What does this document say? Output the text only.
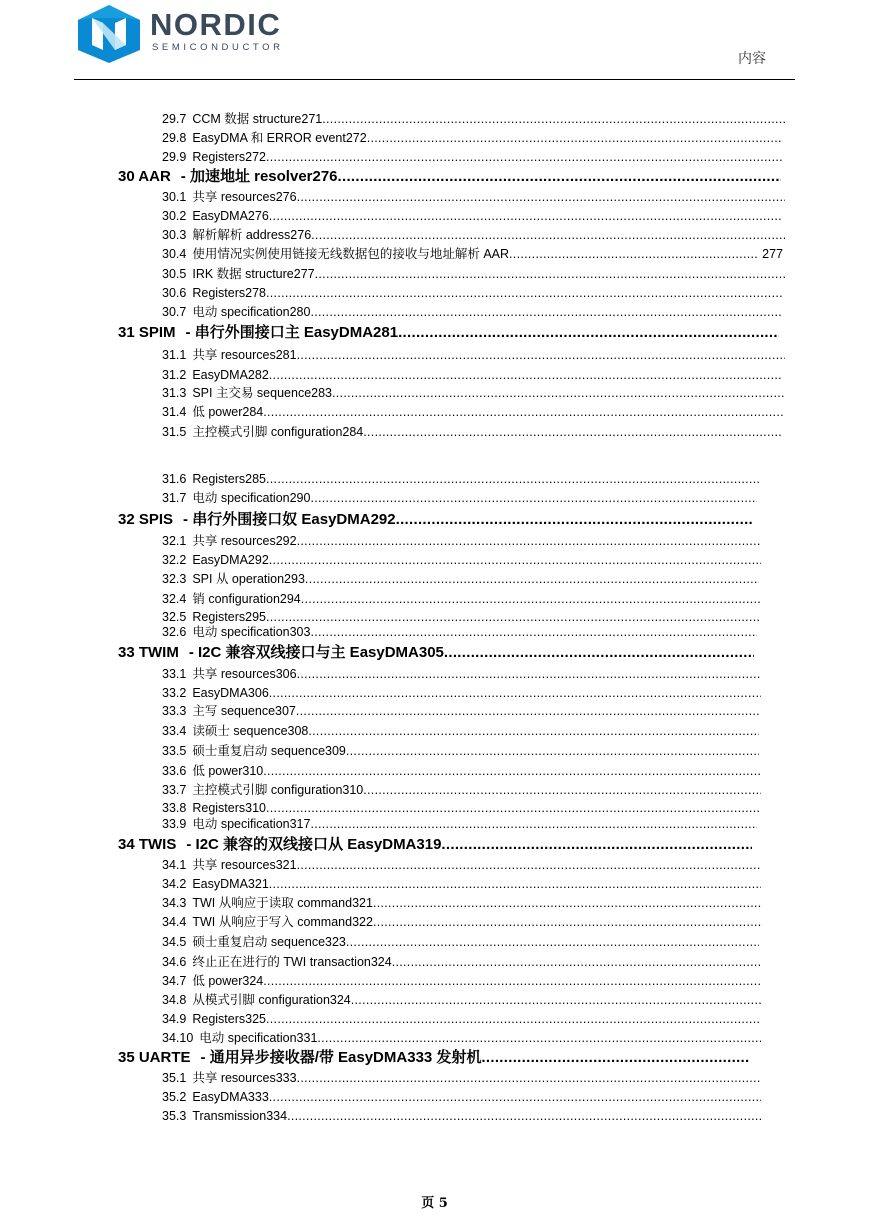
NORDIC
SEMICONDUCTOR
内容
29.7 CCM 数据 structure271
.....
29.8 EasyDMA 和 ERROR event272
.....
29.9 Registers272
.....
30 AAR - 加速地址 resolver276
.....
30.1 共享 resources276
.....
30.2 EasyDMA276
.....
30.3 解析解析 address276
.....
30.4 使用情况实例使用链接无线数据包的接收与地址解析 AAR
.....	277
30.5 IRK 数据 structure277
.....
30.6 Registers278
.....
30.7 电动 specification280
.....
31 SPIM - 串行外围接口主 EasyDMA281
.....
31.1 共享 resources281
.....
31.2 EasyDMA282
.....
31.3 SPI 主交易 sequence283
.....
31.4 低 power284
.....
31.5 主控模式引脚 configuration284
.....
31.6 Registers285
.....
31.7 电动 specification290
.....
32 SPIS - 串行外围接口奴 EasyDMA292
.....
32.1 共享 resources292
.....
32.2 EasyDMA292
.....
32.3 SPI 从 operation293
.....
32.4 销 configuration294
.....
32.5 Registers295
.....
32.6 电动 specification303
.....
33 TWIM - I2C 兼容双线接口与主 EasyDMA305
.....
33.1 共享 resources306
.....
33.2 EasyDMA306
.....
33.3 主写 sequence307
.....
33.4 读硕士 sequence308
.....
33.5 硕士重复启动 sequence309
.....
33.6 低 power310
.....
33.7 主控模式引脚 configuration310
.....
33.8 Registers310
.....
33.9 电动 specification317
.....
34 TWIS - I2C 兼容的双线接口从 EasyDMA319
.....
34.1 共享 resources321
.....
34.2 EasyDMA321
.....
34.3 TWI 从响应于读取 command321
.....
34.4 TWI 从响应于写入 command322
.....
34.5 硕士重复启动 sequence323
.....
34.6 终止正在进行的 TWI transaction324
.....
34.7 低 power324
.....
34.8 从模式引脚 configuration324
.....
34.9 Registers325
.....
34.10 电动 specification331
.....
35 UARTE - 通用异步接收器/带 EasyDMA333 发射机
.....
35.1 共享 resources333
.....
35.2 EasyDMA333
.....
35.3 Transmission334
.....
页 5
